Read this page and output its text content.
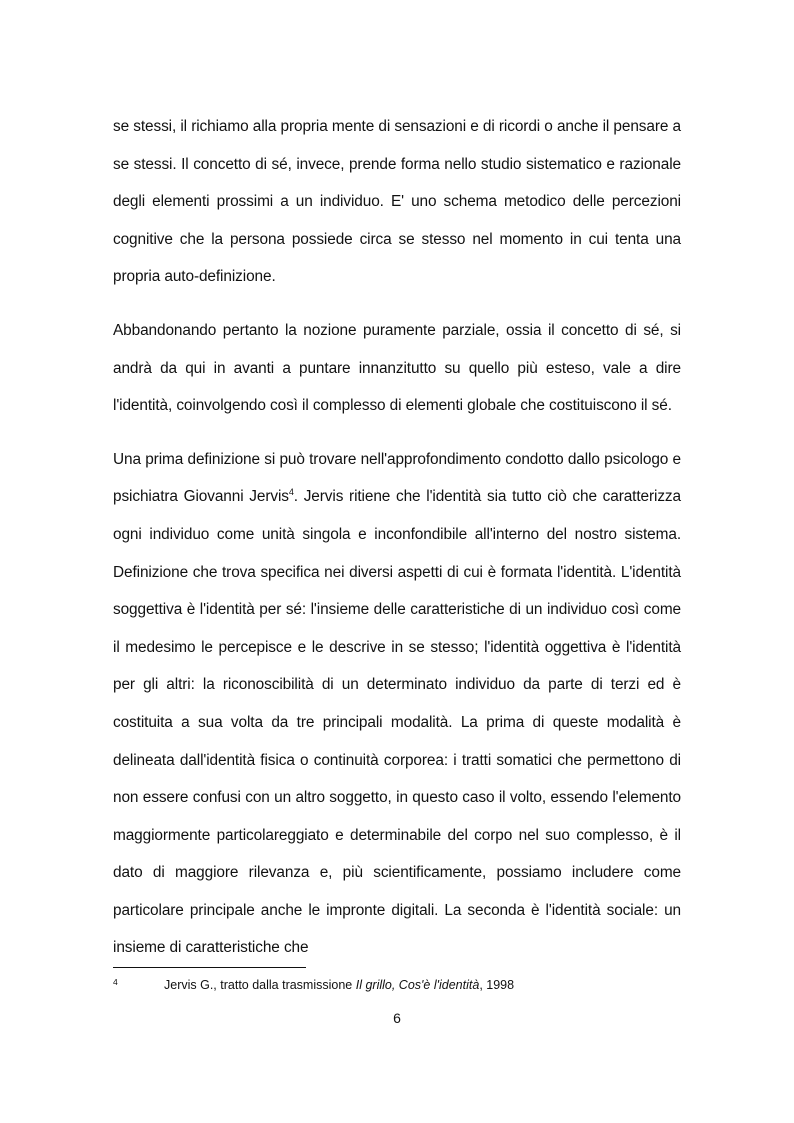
se stessi, il richiamo alla propria mente di sensazioni e di ricordi o anche il pensare a se stessi. Il concetto di sé, invece, prende forma nello studio sistematico e razionale degli elementi prossimi a un individuo. E' uno schema metodico delle percezioni cognitive che la persona possiede circa se stesso nel momento in cui tenta una propria auto-definizione.

Abbandonando pertanto la nozione puramente parziale, ossia il concetto di sé, si andrà da qui in avanti a puntare innanzitutto su quello più esteso, vale a dire l'identità, coinvolgendo così il complesso di elementi globale che costituiscono il sé.

Una prima definizione si può trovare nell'approfondimento condotto dallo psicologo e psichiatra Giovanni Jervis$^4$. Jervis ritiene che l'identità sia tutto ciò che caratterizza ogni individuo come unità singola e inconfondibile all'interno del nostro sistema. Definizione che trova specifica nei diversi aspetti di cui è formata l'identità. L'identità soggettiva è l'identità per sé: l'insieme delle caratteristiche di un individuo così come il medesimo le percepisce e le descrive in se stesso; l'identità oggettiva è l'identità per gli altri: la riconoscibilità di un determinato individuo da parte di terzi ed è costituita a sua volta da tre principali modalità. La prima di queste modalità è delineata dall'identità fisica o continuità corporea: i tratti somatici che permettono di non essere confusi con un altro soggetto, in questo caso il volto, essendo l'elemento maggiormente particolareggiato e determinabile del corpo nel suo complesso, è il dato di maggiore rilevanza e, più scientificamente, possiamo includere come particolare principale anche le impronte digitali. La seconda è l'identità sociale: un insieme di caratteristiche che

4	Jervis G., tratto dalla trasmissione Il grillo, Cos'è l'identità, 1998
6
